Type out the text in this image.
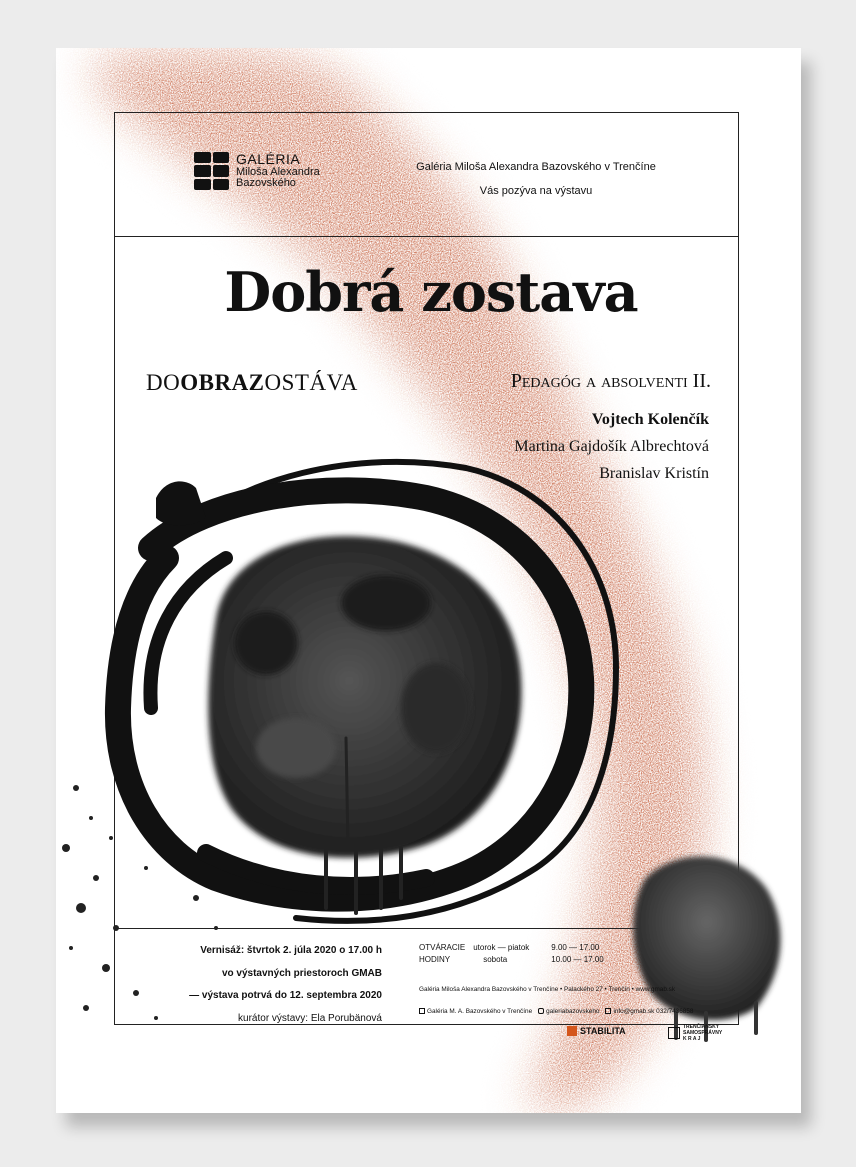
GALÉRIA
Miloša Alexandra
Bazovského
Galéria Miloša Alexandra Bazovského v Trenčíne
Vás pozýva na výstavu
Dobrá zostava
DOOBRAZOSTÁVA	Pedagóg a absolventi II.
Vojtech Kolenčík
Martina Gajdošík Albrechtová
Branislav Kristín
Vernisáž: štvrtok 2. júla 2020 o 17.00 h
vo výstavných priestoroch GMAB
— výstava potrvá do 12. septembra 2020
kurátor výstavy: Ela Porubänová
OTVÁRACIE	utorok — piatok	9.00 — 17.00
HODINY	sobota	10.00 — 17.00
Galéria Miloša Alexandra Bazovského v Trenčíne • Palackého 27 • Trenčín • www.gmab.sk
Galéria M. A. Bazovského v Trenčíne	galeriabazovskeho	info@gmab.sk 032/7436858
STABILITA	TRENČIANSKY
SAMOSPRÁVNY
K R A J
